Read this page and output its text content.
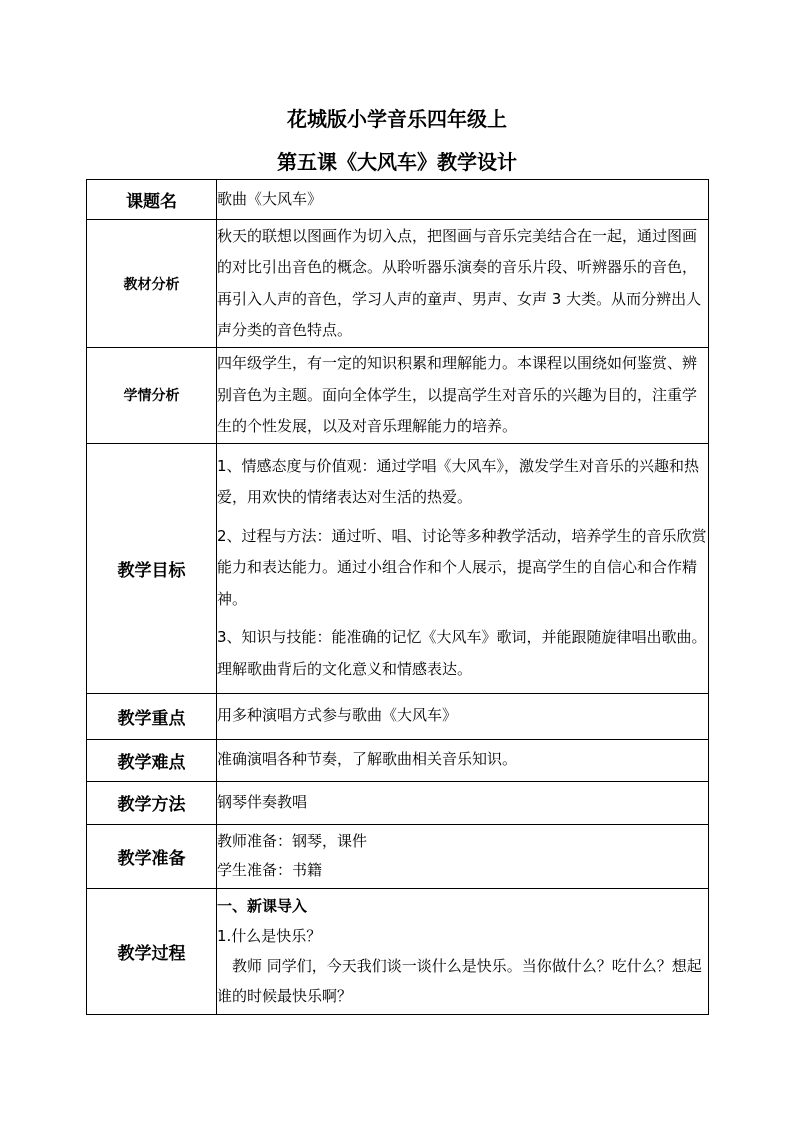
花城版小学音乐四年级上
第五课《大风车》教学设计
课题名	歌曲《大风车》
教材分析	秋天的联想以图画作为切入点，把图画与音乐完美结合在一起，通过图画的对比引出音色的概念。从聆听器乐演奏的音乐片段、听辨器乐的音色，再引入人声的音色，学习人声的童声、男声、女声 3 大类。从而分辨出人声分类的音色特点。
学情分析	四年级学生，有一定的知识积累和理解能力。本课程以围绕如何鉴赏、辨别音色为主题。面向全体学生，以提高学生对音乐的兴趣为目的，注重学生的个性发展，以及对音乐理解能力的培养。
教学目标	1、情感态度与价值观：通过学唱《大风车》，激发学生对音乐的兴趣和热爱，用欢快的情绪表达对生活的热爱。

2、过程与方法：通过听、唱、讨论等多种教学活动，培养学生的音乐欣赏能力和表达能力。通过小组合作和个人展示，提高学生的自信心和合作精神。

3、知识与技能：能准确的记忆《大风车》歌词，并能跟随旋律唱出歌曲。理解歌曲背后的文化意义和情感表达。

教学重点	用多种演唱方式参与歌曲《大风车》
教学难点	准确演唱各种节奏，了解歌曲相关音乐知识。
教学方法	钢琴伴奏教唱
教学准备	教师准备：钢琴，课件
学生准备：书籍

教学过程	一、新课导入
1.什么是快乐？
教师 同学们，今天我们谈一谈什么是快乐。当你做什么？吃什么？想起谁的时候最快乐啊？
